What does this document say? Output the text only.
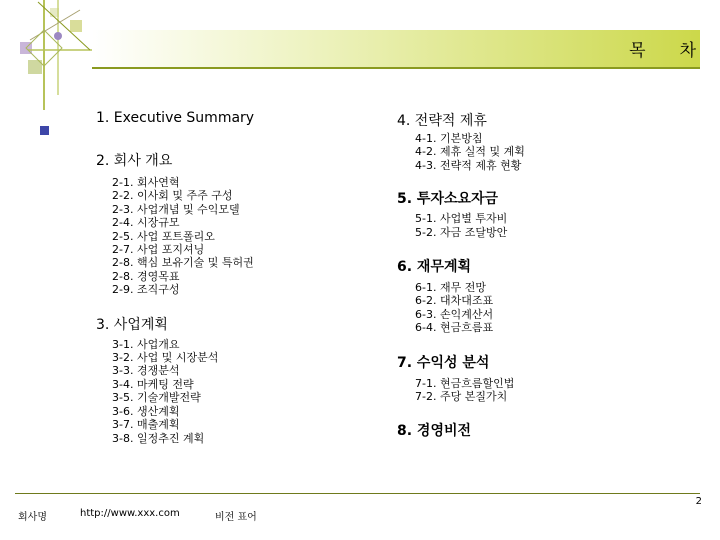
목 차
1. Executive Summary
2. 회사 개요
2-1. 회사연혁
2-2. 이사회 및 주주 구성
2-3. 사업개념 및 수익모델
2-4. 시장규모
2-5. 사업 포트폴리오
2-7. 사업 포지셔닝
2-8. 핵심 보유기술 및 특허권
2-8. 경영목표
2-9. 조직구성
3. 사업계획
3-1. 사업개요
3-2. 사업 및 시장분석
3-3. 경쟁분석
3-4. 마케팅 전략
3-5. 기술개발전략
3-6. 생산계획
3-7. 매출계획
3-8. 일정추진 계획
4. 전략적 제휴
4-1. 기본방침
4-2. 제휴 실적 및 계획
4-3. 전략적 제휴 현황
5. 투자소요자금
5-1. 사업별 투자비
5-2. 자금 조달방안
6. 재무계획
6-1. 재무 전망
6-2. 대차대조표
6-3. 손익계산서
6-4. 현금흐름표
7. 수익성 분석
7-1. 현금흐름할인법
7-2. 주당 본질가치
8. 경영비전
2
회사명	http://www.xxx.com	비전 표어
